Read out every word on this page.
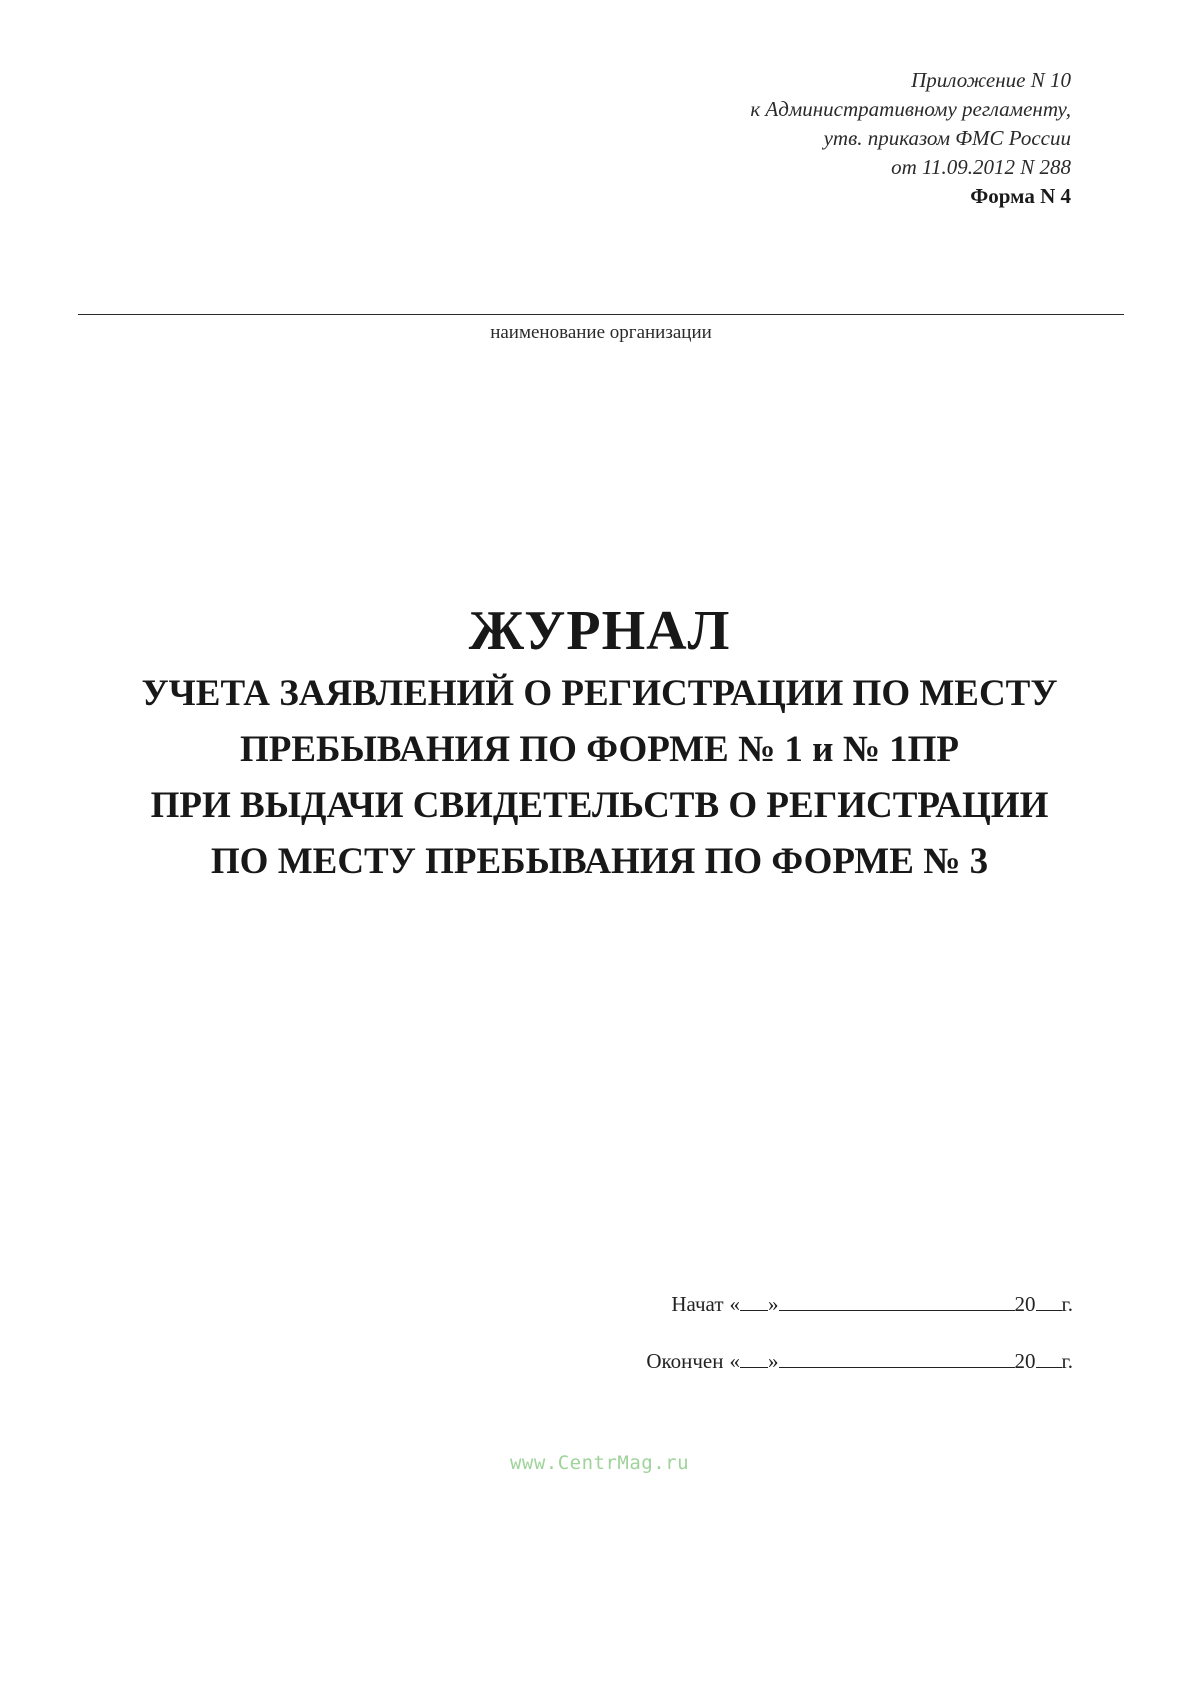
Приложение N 10
к Административному регламенту,
утв. приказом ФМС России
от 11.09.2012 N 288
Форма N 4
наименование организации
ЖУРНАЛ
УЧЕТА ЗАЯВЛЕНИЙ О РЕГИСТРАЦИИ ПО МЕСТУ
ПРЕБЫВАНИЯ ПО ФОРМЕ № 1 и № 1ПР
ПРИ ВЫДАЧИ СВИДЕТЕЛЬСТВ О РЕГИСТРАЦИИ
ПО МЕСТУ ПРЕБЫВАНИЯ ПО ФОРМЕ № 3
Начат « »	20 г.
Окончен « »	20 г.
www.CentrMag.ru
